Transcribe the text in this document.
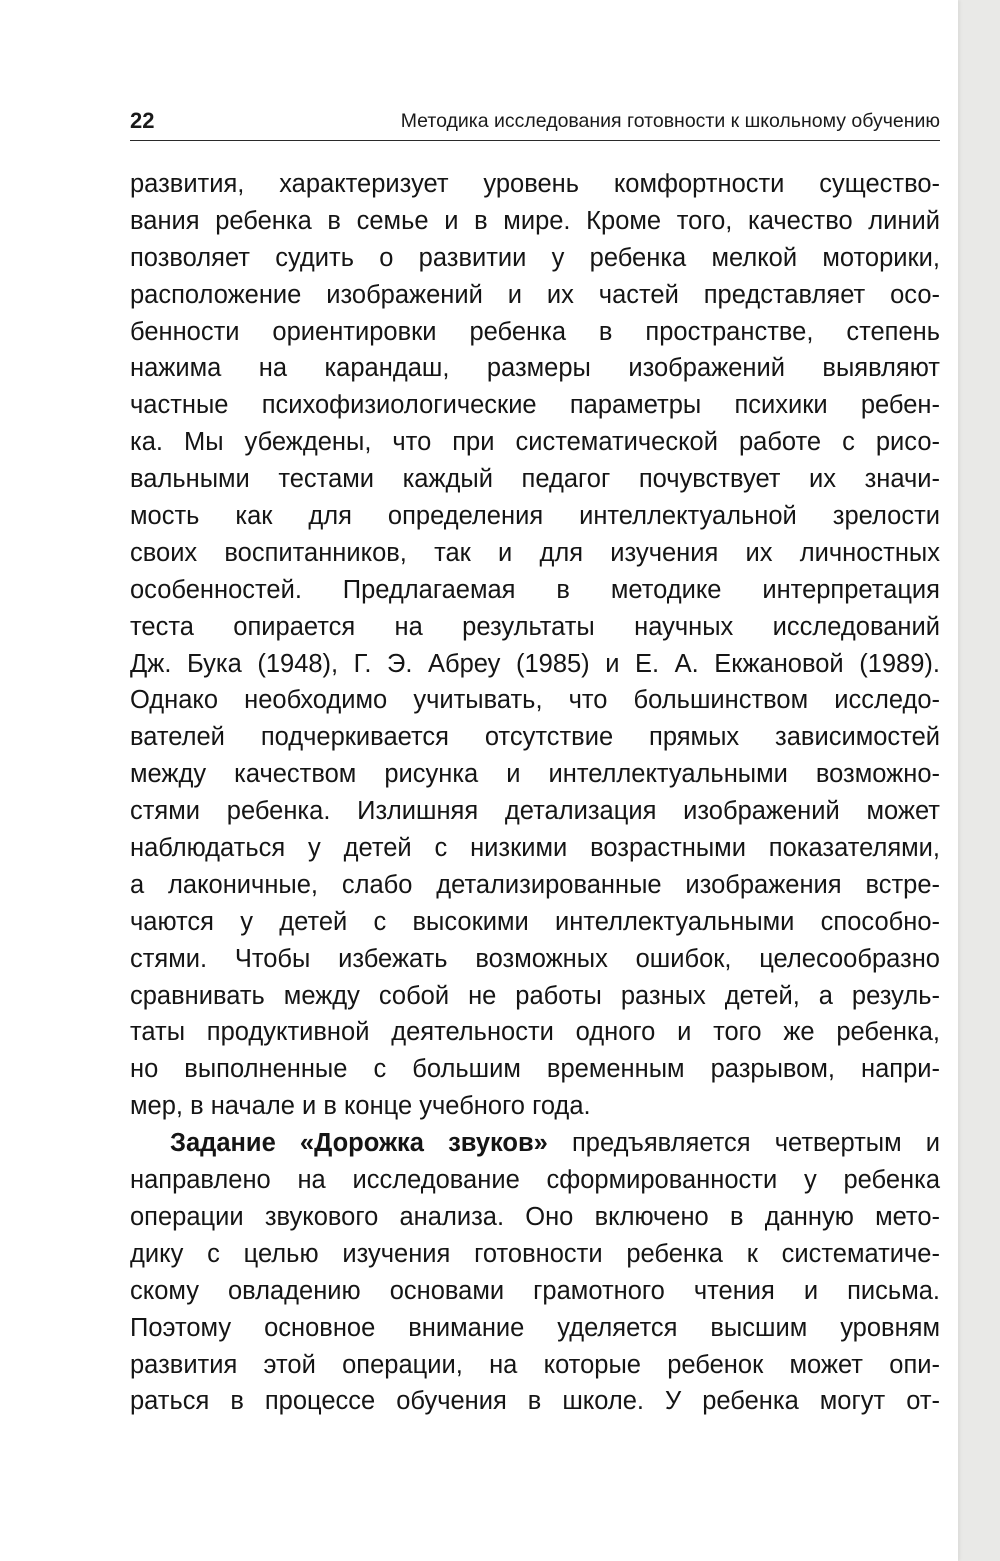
22	Методика исследования готовности к школьному обучению
развития, характеризует уровень комфортности существо-
вания ребенка в семье и в мире. Кроме того, качество линий
позволяет судить о развитии у ребенка мелкой моторики,
расположение изображений и их частей представляет осо-
бенности ориентировки ребенка в пространстве, степень
нажима на карандаш, размеры изображений выявляют
частные психофизиологические параметры психики ребен-
ка. Мы убеждены, что при систематической работе с рисо-
вальными тестами каждый педагог почувствует их значи-
мость как для определения интеллектуальной зрелости
своих воспитанников, так и для изучения их личностных
особенностей. Предлагаемая в методике интерпретация
теста опирается на результаты научных исследований
Дж. Бука (1948), Г. Э. Абреу (1985) и Е. А. Екжановой (1989).
Однако необходимо учитывать, что большинством исследо-
вателей подчеркивается отсутствие прямых зависимостей
между качеством рисунка и интеллектуальными возможно-
стями ребенка. Излишняя детализация изображений может
наблюдаться у детей с низкими возрастными показателями,
а лаконичные, слабо детализированные изображения встре-
чаются у детей с высокими интеллектуальными способно-
стями. Чтобы избежать возможных ошибок, целесообразно
сравнивать между собой не работы разных детей, а резуль-
таты продуктивной деятельности одного и того же ребенка,
но выполненные с большим временным разрывом, напри-
мер, в начале и в конце учебного года.
Задание «Дорожка звуков» предъявляется четвертым и
направлено на исследование сформированности у ребенка
операции звукового анализа. Оно включено в данную мето-
дику с целью изучения готовности ребенка к систематиче-
скому овладению основами грамотного чтения и письма.
Поэтому основное внимание уделяется высшим уровням
развития этой операции, на которые ребенок может опи-
раться в процессе обучения в школе. У ребенка могут от-
